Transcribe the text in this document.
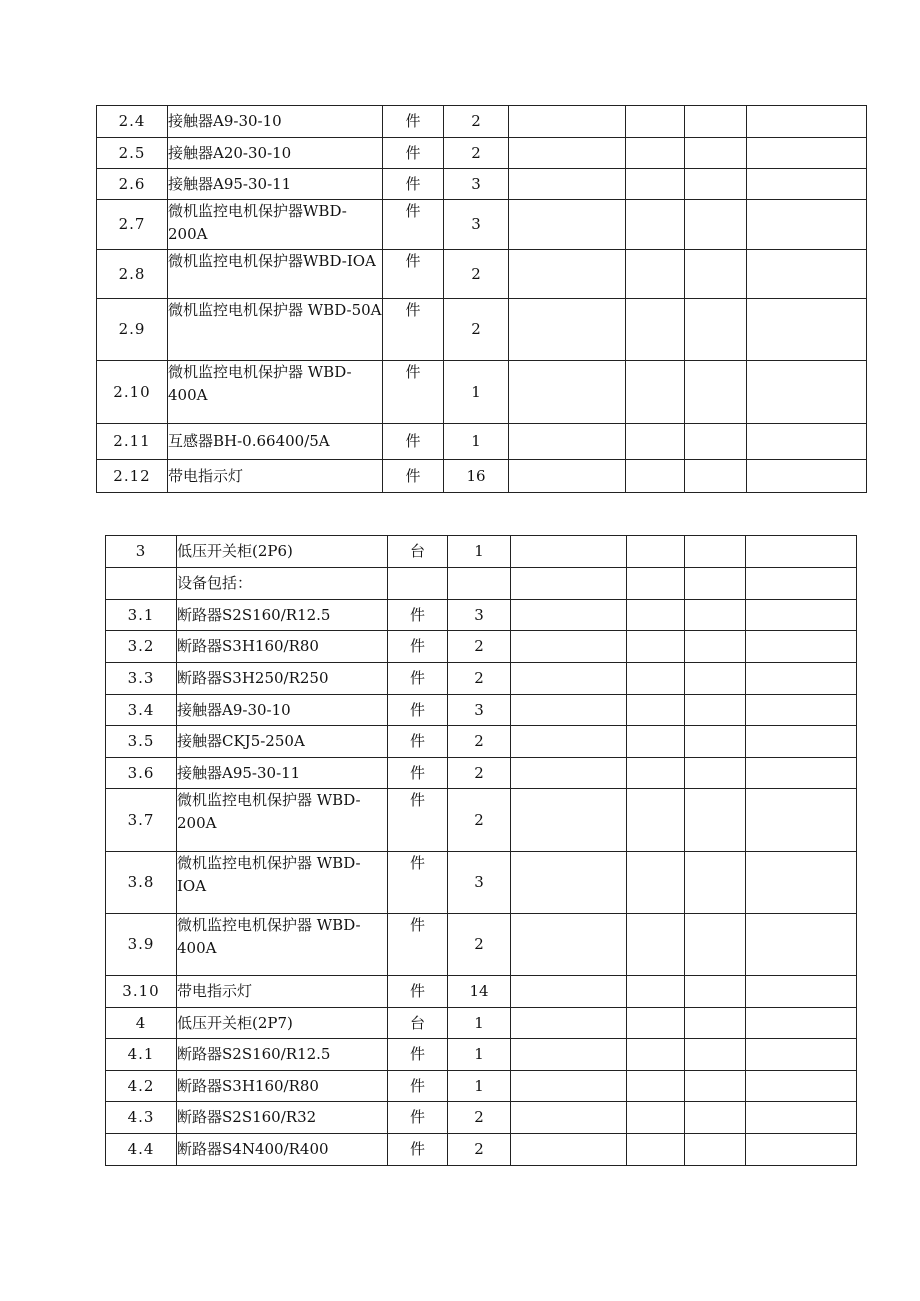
2.4	接触器A9-30-10	件	2				
2.5	接触器A20-30-10	件	2				
2.6	接触器A95-30-11	件	3				
2.7	微机监控电机保护器WBD-200A	件	3				
2.8	微机监控电机保护器WBD-IOA	件	2				
2.9	微机监控电机保护器 WBD-50A	件	2				
2.10	微机监控电机保护器 WBD-400A	件	1				
2.11	互感器BH-0.66400/5A	件	1				
2.12	带电指示灯	件	16				
3	低压开关柜(2P6)	台	1				
	设备包括：						
3.1	断路器S2S160/R12.5	件	3				
3.2	断路器S3H160/R80	件	2				
3.3	断路器S3H250/R250	件	2				
3.4	接触器A9-30-10	件	3				
3.5	接触器CKJ5-250A	件	2				
3.6	接触器A95-30-11	件	2				
3.7	微机监控电机保护器 WBD-200A	件	2				
3.8	微机监控电机保护器 WBD-IOA	件	3				
3.9	微机监控电机保护器 WBD-400A	件	2				
3.10	带电指示灯	件	14				
4	低压开关柜(2P7)	台	1				
4.1	断路器S2S160/R12.5	件	1				
4.2	断路器S3H160/R80	件	1				
4.3	断路器S2S160/R32	件	2				
4.4	断路器S4N400/R400	件	2				
